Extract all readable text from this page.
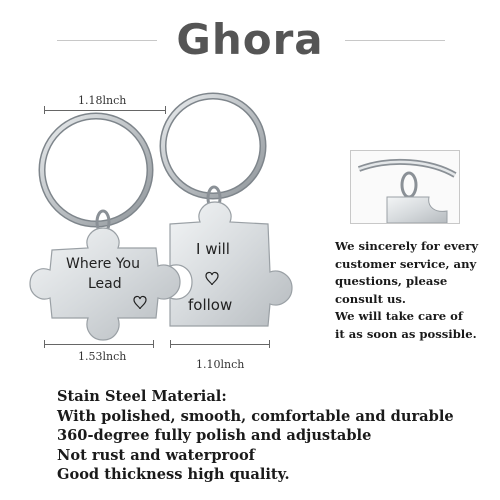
Ghora
1.18lnch
Where You
Lead
I will
follow
1.53lnch
1.10lnch
We sincerely for every
customer service, any
questions, please
consult us.
We will take care of
it as soon as possible.
Stain Steel Material:
With polished, smooth, comfortable and durable
360-degree fully polish and adjustable
Not rust and waterproof
Good thickness high quality.
